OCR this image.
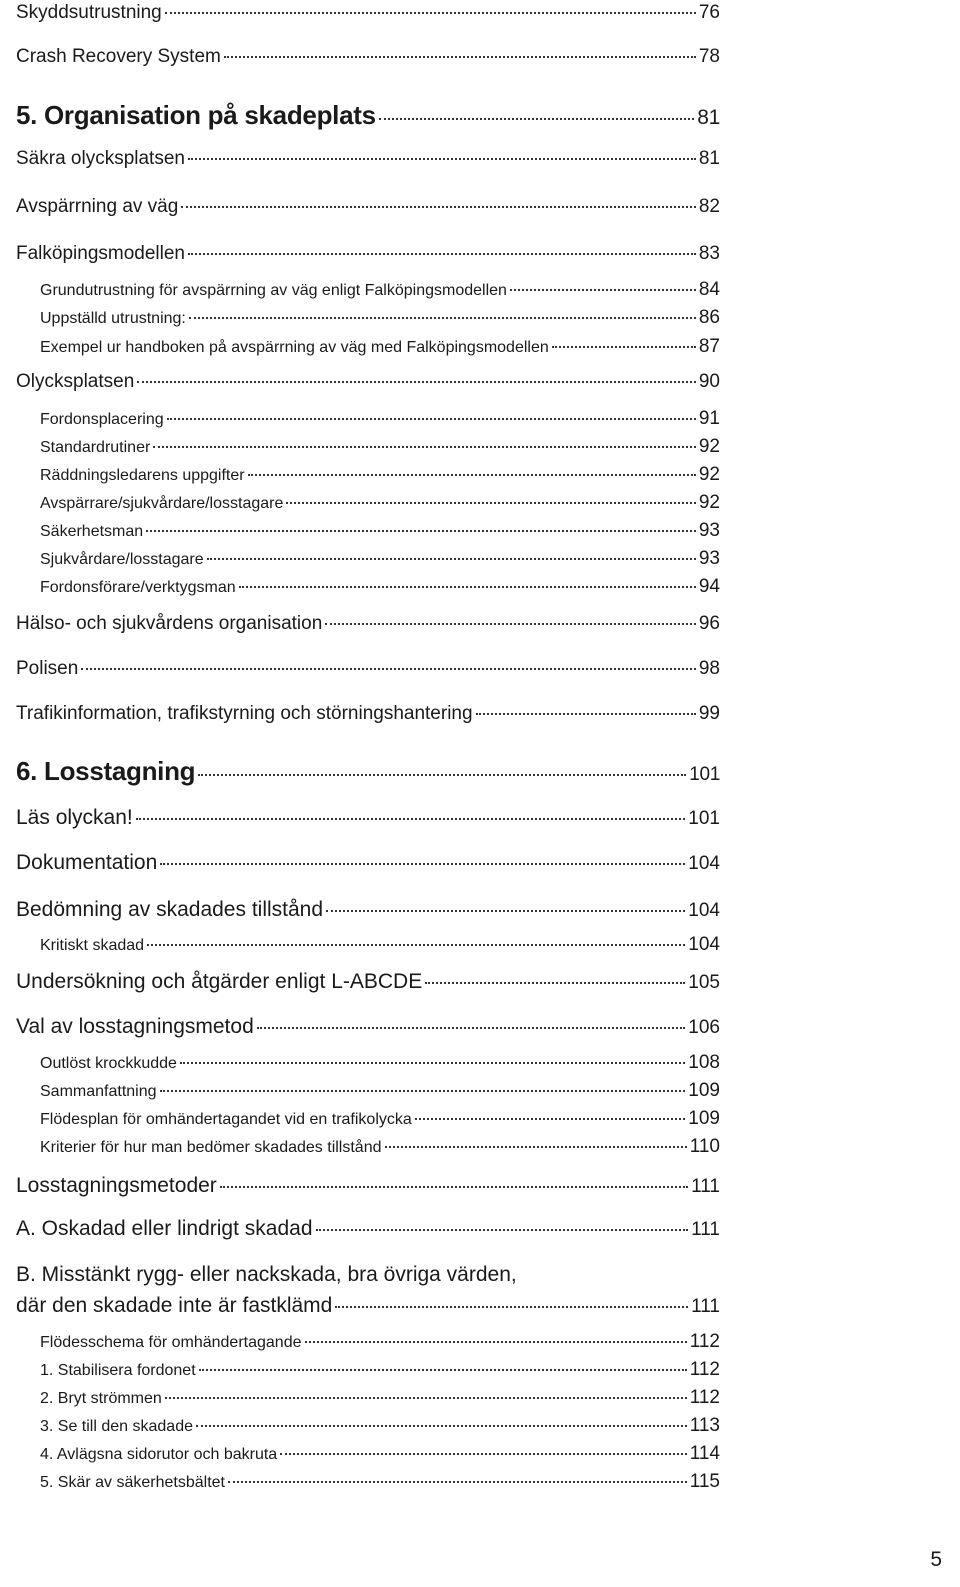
Skyddsutrustning	76
Crash Recovery System	78
5. Organisation på skadeplats	81
Säkra olycksplatsen	81
Avspärrning av väg	82
Falköpingsmodellen	83
Grundutrustning för avspärrning av väg enligt Falköpingsmodellen	84
Uppställd utrustning:	86
Exempel ur handboken på avspärrning av väg med Falköpingsmodellen	87
Olycksplatsen	90
Fordonsplacering	91
Standardrutiner	92
Räddningsledarens uppgifter	92
Avspärrare/sjukvårdare/losstagare	92
Säkerhetsman	93
Sjukvårdare/losstagare	93
Fordonsförare/verktygsman	94
Hälso- och sjukvårdens organisation	96
Polisen	98
Trafikinformation, trafikstyrning och störningshantering	99
6. Losstagning	101
Läs olyckan!	101
Dokumentation	104
Bedömning av skadades tillstånd	104
Kritiskt skadad	104
Undersökning och åtgärder enligt L-ABCDE	105
Val av losstagningsmetod	106
Outlöst krockkudde	108
Sammanfattning	109
Flödesplan för omhändertagandet vid en trafikolycka	109
Kriterier för hur man bedömer skadades tillstånd	110
Losstagningsmetoder	111
A. Oskadad eller lindrigt skadad	111
B. Misstänkt rygg- eller nackskada, bra övriga värden,
där den skadade inte är fastklämd	111
Flödesschema för omhändertagande	112
1. Stabilisera fordonet	112
2. Bryt strömmen	112
3. Se till den skadade	113
4. Avlägsna sidorutor och bakruta	114
5. Skär av säkerhetsbältet	115
5
